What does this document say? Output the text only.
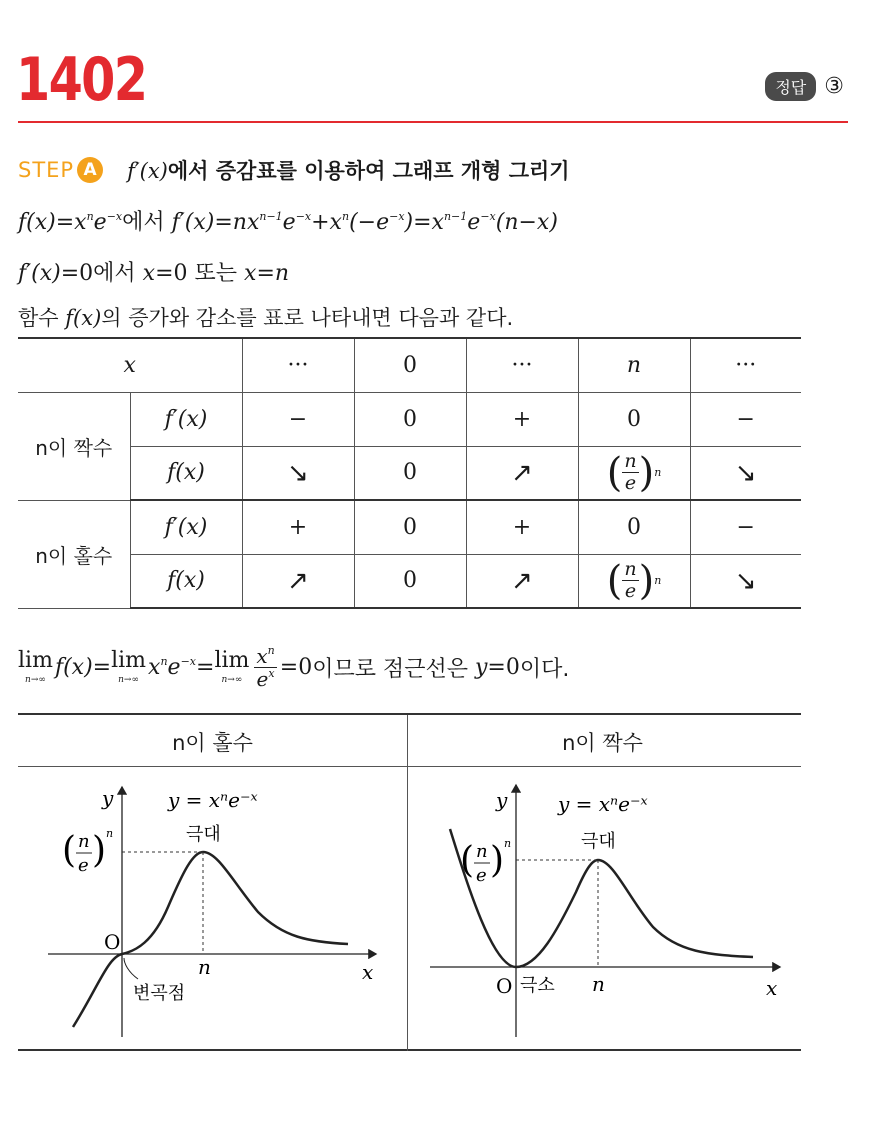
1402	정답 ③
STEP A	f′(x)에서 증감표를 이용하여 그래프 개형 그리기
$f(x)=x^ne^{-x}$에서 $f'(x)=nx^{n-1}e^{-x}+x^n(-e^{-x})=x^{n-1}e^{-x}(n-x)$
f′(x)=0에서 x=0 또는 x=n
함수 f(x)의 증가와 감소를 표로 나타내면 다음과 같다.
x		···	0	···	n	···
n이 짝수	f′(x)	−	0	+	0	−
	f(x)	↘	0	↗	( $\frac{n}{e}$ ) n	↘
n이 홀수	f′(x)	+	0	+	0	−
	f(x)	↗	0	↗	( $\frac{n}{e}$ ) n	↘
lim
n→∞ f(x)= lim
n→∞ $x^ne^{-x}= \lim$
$n\to\infty \frac{x^n}{e^x} = 0$ 이므로 점근선은
y= 0 이다.
n이 홀수	n이 짝수
y	y = xⁿe⁻ˣ
극대
O
n	x
변곡점
( n
e ) n
y	y = xⁿe⁻ˣ
극대
O 극소 n	x
( n
e ) n
